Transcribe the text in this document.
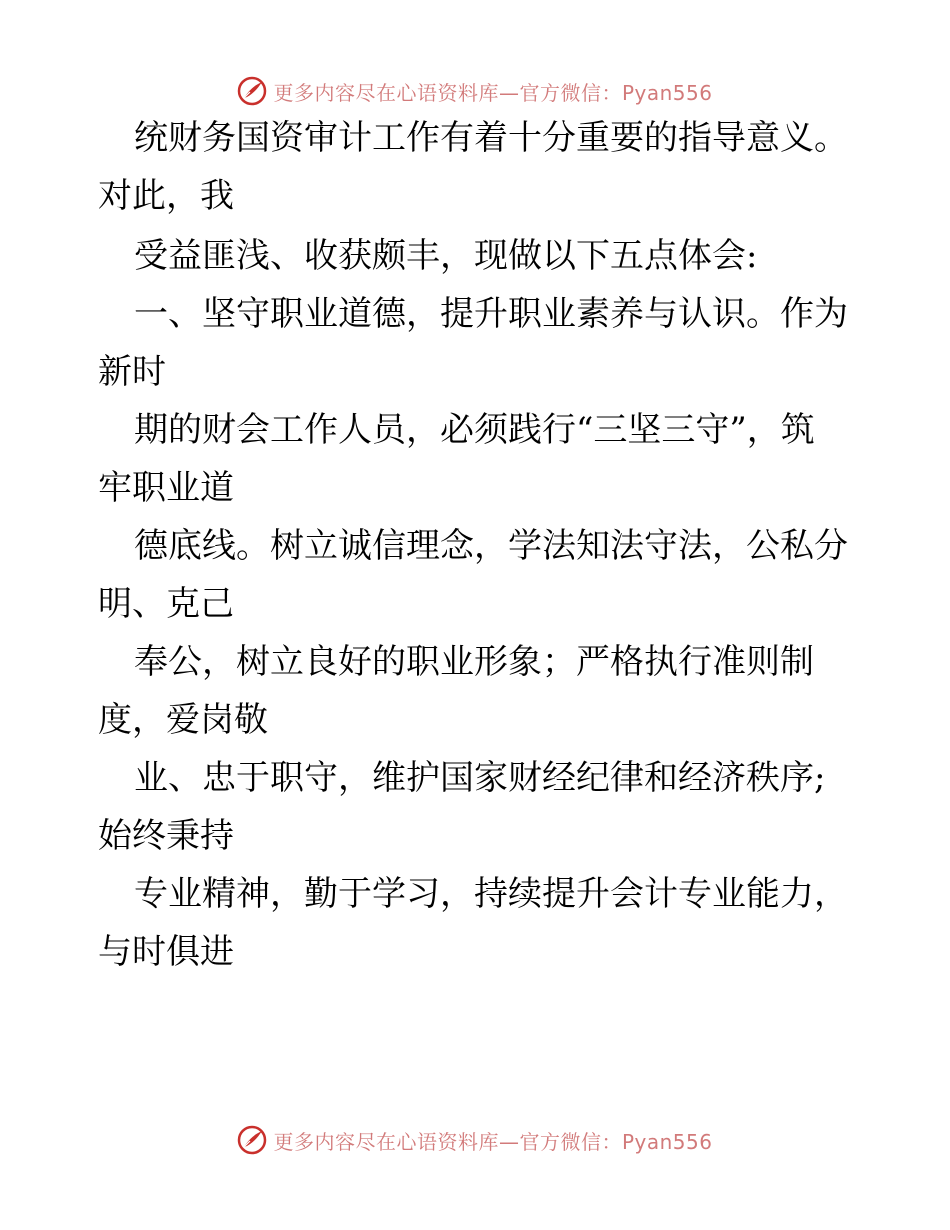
更多内容尽在心语资料库—官方微信：Pyan556
统财务国资审计工作有着十分重要的指导意义。
对此，我
受益匪浅、收获颇丰，现做以下五点体会:
一、坚守职业道德，提升职业素养与认识。作为
新时
期的财会工作人员，必须践行“三坚三守”，筑
牢职业道
德底线。树立诚信理念，学法知法守法，公私分
明、克己
奉公，树立良好的职业形象；严格执行准则制
度，爱岗敬
业、忠于职守，维护国家财经纪律和经济秩序;
始终秉持
专业精神，勤于学习，持续提升会计专业能力，
与时俱进
更多内容尽在心语资料库—官方微信：Pyan556
